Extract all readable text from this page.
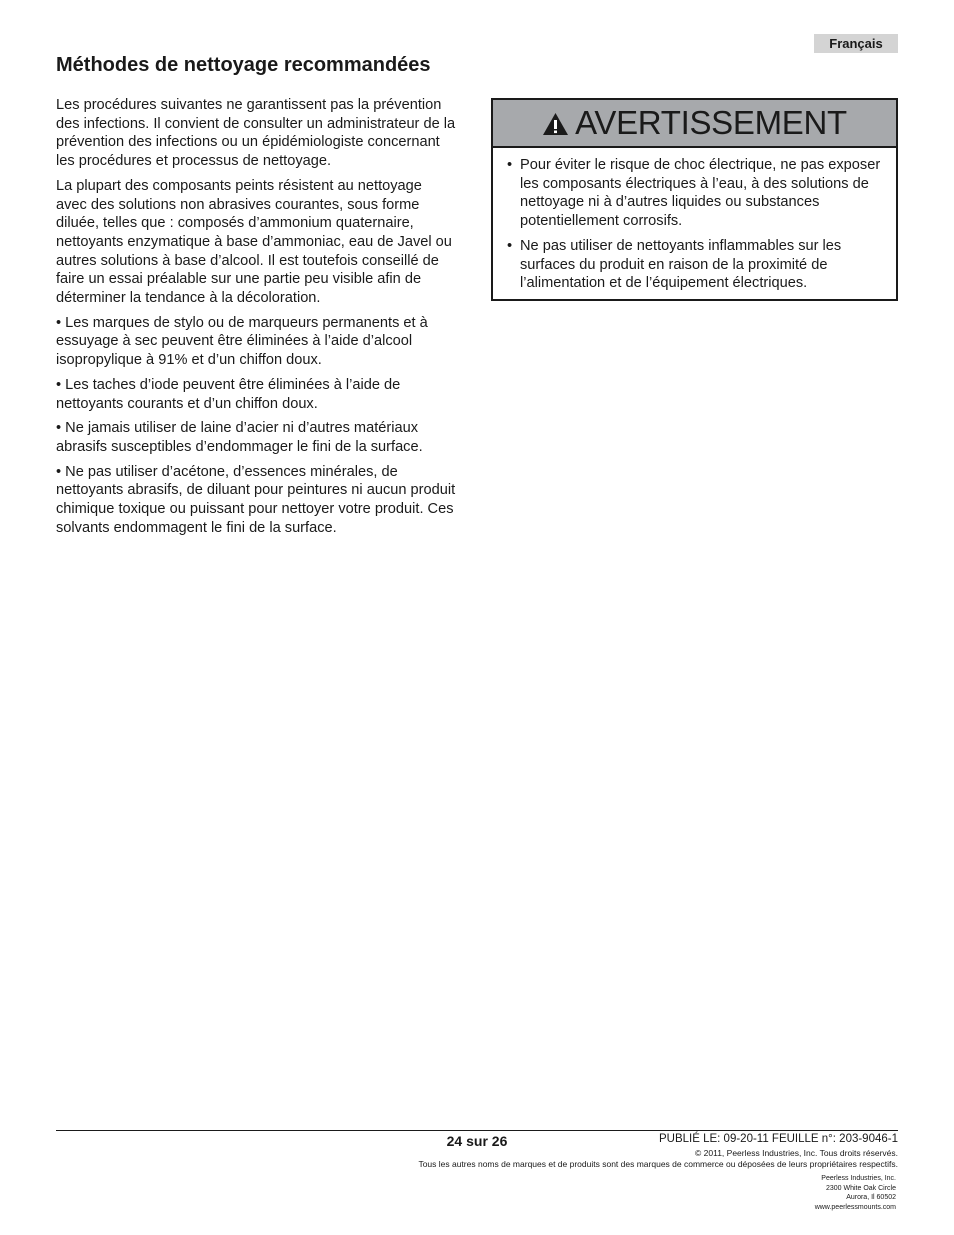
Français
Méthodes de nettoyage recommandées

Les procédures suivantes ne garantissent pas la prévention des infections. Il convient de consulter un administrateur de la prévention des infections ou un épidémiologiste concernant les procédures et processus de nettoyage.

La plupart des composants peints résistent au nettoyage avec des solutions non abrasives courantes, sous forme diluée, telles que : composés d’ammonium quaternaire, nettoyants enzymatique à base d’ammoniac, eau de Javel ou autres solutions à base d’alcool. Il est toutefois conseillé de faire un essai préalable sur une partie peu visible afin de déterminer la tendance à la décoloration.

• Les marques de stylo ou de marqueurs permanents et à essuyage à sec peuvent être éliminées à l’aide d’alcool isopropylique à 91% et d’un chiffon doux.

• Les taches d’iode peuvent être éliminées à l’aide de nettoyants courants et d’un chiffon doux.

• Ne jamais utiliser de laine d’acier ni d’autres matériaux abrasifs susceptibles d’endommager le fini de la surface.

• Ne pas utiliser d’acétone, d’essences minérales, de nettoyants abrasifs, de diluant pour peintures ni aucun produit chimique toxique ou puissant pour nettoyer votre produit. Ces solvants endommagent le fini de la surface.

AVERTISSEMENT
• Pour éviter le risque de choc électrique, ne pas exposer les composants électriques à l’eau, à des solutions de nettoyage ni à d’autres liquides ou substances potentiellement corrosifs.
• Ne pas utiliser de nettoyants inflammables sur les surfaces du produit en raison de la proximité de l’alimentation et de l’équipement électriques.
24 sur 26	PUBLIÉ LE: 09-20-11 FEUILLE n°: 203-9046-1
© 2011, Peerless Industries, Inc. Tous droits réservés.
Tous les autres noms de marques et de produits sont des marques de commerce ou déposées de leurs propriétaires respectifs.
Peerless Industries, Inc.
2300 White Oak Circle
Aurora, Il 60502
www.peerlessmounts.com
